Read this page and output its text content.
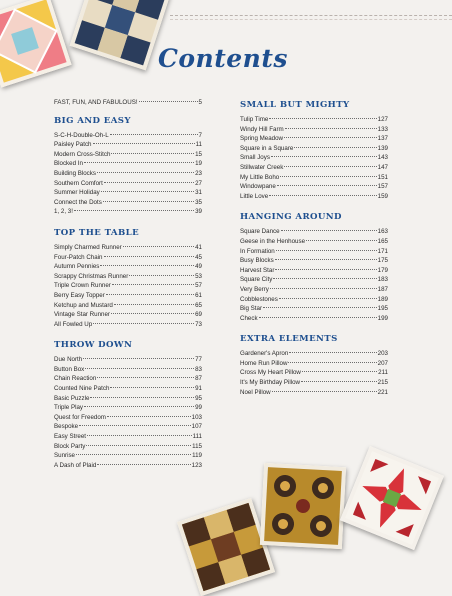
Contents
FAST, FUN, AND FABULOUS!	5
BIG AND EASY
S-C-H-Double-Oh-L	7
Paisley Patch	11
Modern Cross-Stitch	15
Blocked In	19
Building Blocks	23
Southern Comfort	27
Summer Holiday	31
Connect the Dots	35
1, 2, 3!	39
TOP THE TABLE
Simply Charmed Runner	41
Four-Patch Chain	45
Autumn Pennies	49
Scrappy Christmas Runner	53
Triple Crown Runner	57
Berry Easy Topper	61
Ketchup and Mustard	65
Vintage Star Runner	69
All Fowled Up	73
THROW DOWN
Due North	77
Button Box	83
Chain Reaction	87
Counted Nine Patch	91
Basic Puzzle	95
Triple Play	99
Quest for Freedom	103
Bespoke	107
Easy Street	111
Block Party	115
Sunrise	119
A Dash of Plaid	123
SMALL BUT MIGHTY
Tulip Time	127
Windy Hill Farm	133
Spring Meadow	137
Square in a Square	139
Small Joys	143
Stillwater Creek	147
My Little Boho	151
Windowpane	157
Little Love	159
HANGING AROUND
Square Dance	163
Geese in the Henhouse	165
In Formation	171
Busy Blocks	175
Harvest Star	179
Square City	183
Very Berry	187
Cobblestones	189
Big Star	195
Check	199
EXTRA ELEMENTS
Gardener's Apron	203
Home Run Pillow	207
Cross My Heart Pillow	211
It's My Birthday Pillow	215
Noel Pillow	221
